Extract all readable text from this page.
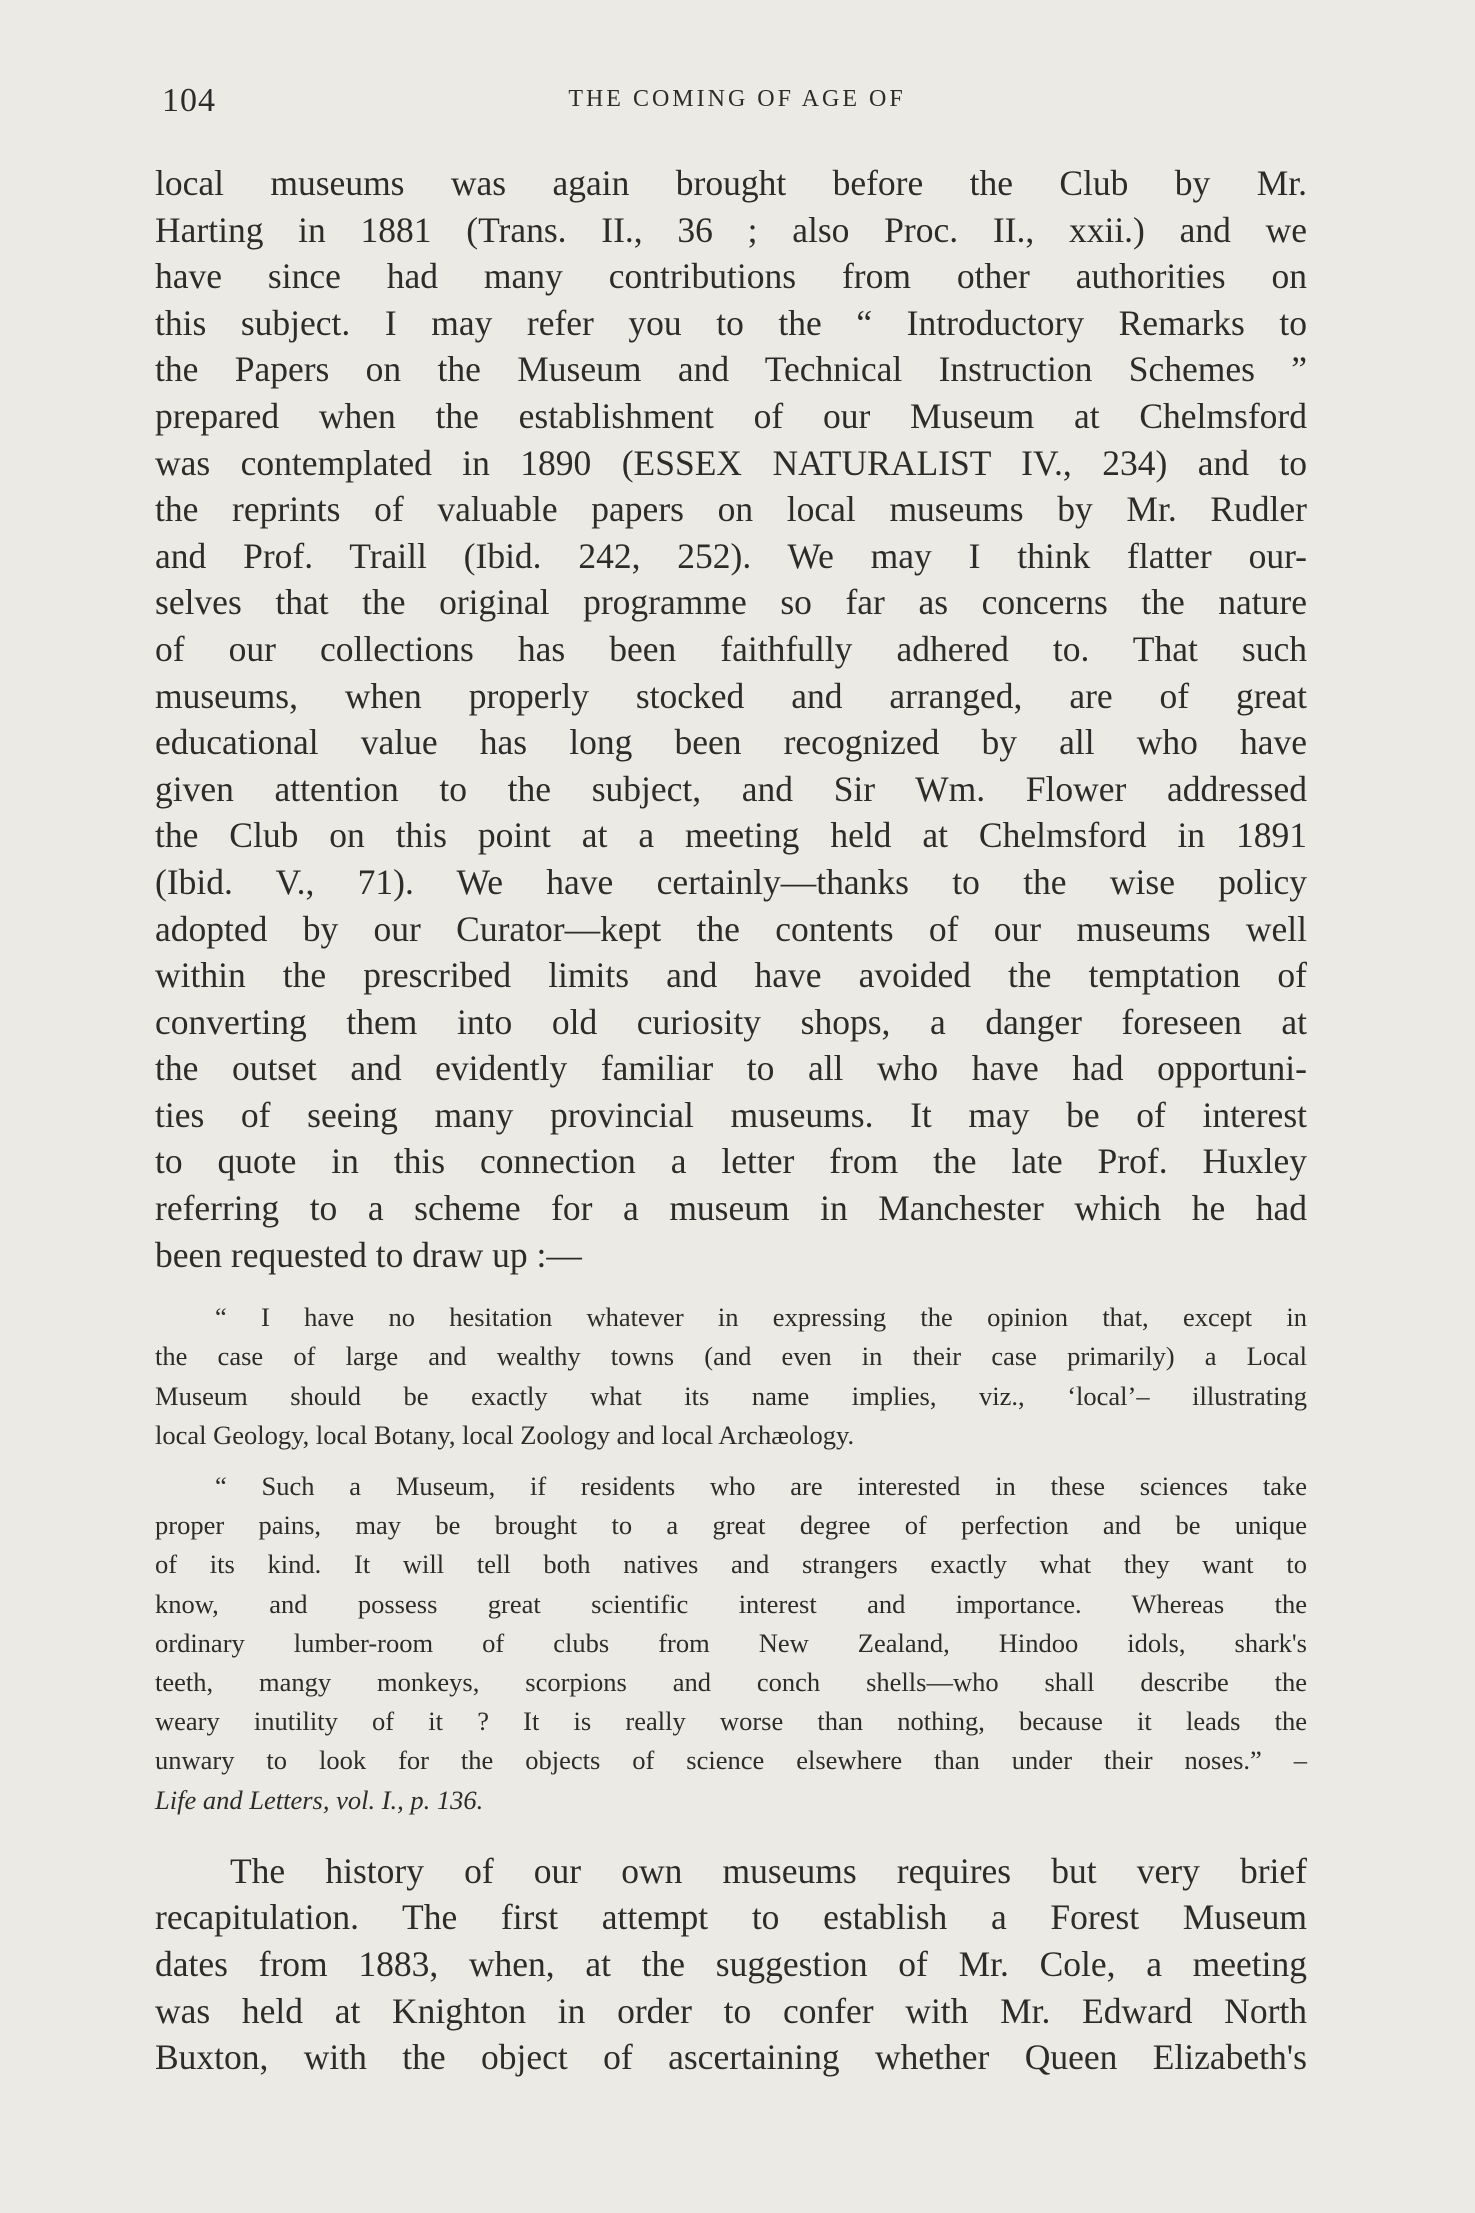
104	THE COMING OF AGE OF

local museums was again brought before the Club by Mr.
Harting in 1881 (Trans. II., 36 ; also Proc. II., xxii.) and we
have since had many contributions from other authorities on
this subject. I may refer you to the “ Introductory Remarks to
the Papers on the Museum and Technical Instruction Schemes ”
prepared when the establishment of our Museum at Chelmsford
was contemplated in 1890 (ESSEX NATURALIST IV., 234) and to
the reprints of valuable papers on local museums by Mr. Rudler
and Prof. Traill (Ibid. 242, 252). We may I think flatter our-
selves that the original programme so far as concerns the nature
of our collections has been faithfully adhered to. That such
museums, when properly stocked and arranged, are of great
educational value has long been recognized by all who have
given attention to the subject, and Sir Wm. Flower addressed
the Club on this point at a meeting held at Chelmsford in 1891
(Ibid. V., 71). We have certainly—thanks to the wise policy
adopted by our Curator—kept the contents of our museums well
within the prescribed limits and have avoided the temptation of
converting them into old curiosity shops, a danger foreseen at
the outset and evidently familiar to all who have had opportuni-
ties of seeing many provincial museums. It may be of interest
to quote in this connection a letter from the late Prof. Huxley
referring to a scheme for a museum in Manchester which he had
been requested to draw up :—

“ I have no hesitation whatever in expressing the opinion that, except in
the case of large and wealthy towns (and even in their case primarily) a Local
Museum should be exactly what its name implies, viz., ‘local’– illustrating
local Geology, local Botany, local Zoology and local Archæology.
“ Such a Museum, if residents who are interested in these sciences take
proper pains, may be brought to a great degree of perfection and be unique
of its kind. It will tell both natives and strangers exactly what they want to
know, and possess great scientific interest and importance. Whereas the
ordinary lumber-room of clubs from New Zealand, Hindoo idols, shark's
teeth, mangy monkeys, scorpions and conch shells—who shall describe the
weary inutility of it ? It is really worse than nothing, because it leads the
unwary to look for the objects of science elsewhere than under their noses.” –
Life and Letters, vol. I., p. 136.

The history of our own museums requires but very brief
recapitulation. The first attempt to establish a Forest Museum
dates from 1883, when, at the suggestion of Mr. Cole, a meeting
was held at Knighton in order to confer with Mr. Edward North
Buxton, with the object of ascertaining whether Queen Elizabeth's
